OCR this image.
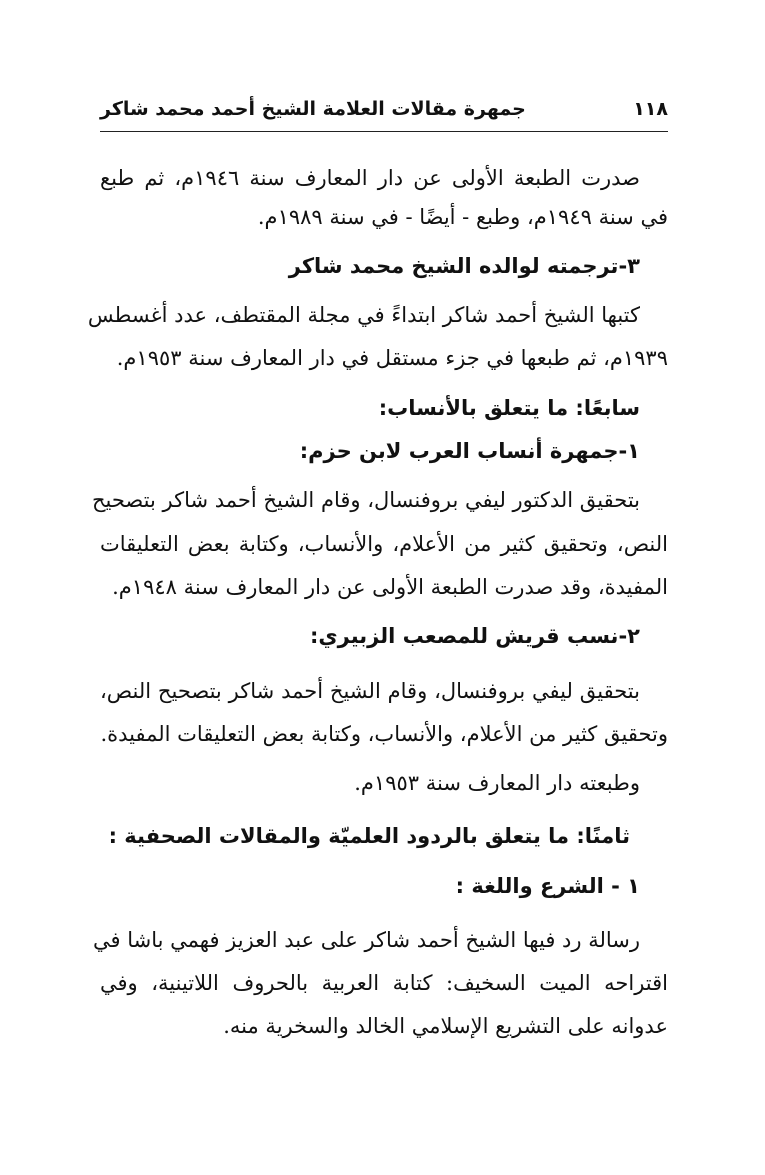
١١٨
جمهرة مقالات العلامة الشيخ أحمد محمد شاكر
صدرت الطبعة الأولى عن دار المعارف سنة ١٩٤٦م، ثم طبع
في سنة ١٩٤٩م، وطبع - أيضًا - في سنة ١٩٨٩م.
٣-ترجمته لوالده الشيخ محمد شاكر
كتبها الشيخ أحمد شاكر ابتداءً في مجلة المقتطف، عدد أغسطس
١٩٣٩م، ثم طبعها في جزء مستقل في دار المعارف سنة ١٩٥٣م.
سابعًا: ما يتعلق بالأنساب:
١-جمهرة أنساب العرب لابن حزم:
بتحقيق الدكتور ليفي بروفنسال، وقام الشيخ أحمد شاكر بتصحيح
النص، وتحقيق كثير من الأعلام، والأنساب، وكتابة بعض التعليقات
المفيدة، وقد صدرت الطبعة الأولى عن دار المعارف سنة ١٩٤٨م.
٢-نسب قريش للمصعب الزبيري:
بتحقيق ليفي بروفنسال، وقام الشيخ أحمد شاكر بتصحيح النص،
وتحقيق كثير من الأعلام، والأنساب، وكتابة بعض التعليقات المفيدة.
وطبعته دار المعارف سنة ١٩٥٣م.
ثامنًا: ما يتعلق بالردود العلميّة والمقالات الصحفية :
١ - الشرع واللغة :
رسالة رد فيها الشيخ أحمد شاكر على عبد العزيز فهمي باشا في
اقتراحه الميت السخيف: كتابة العربية بالحروف اللاتينية، وفي
عدوانه على التشريع الإسلامي الخالد والسخرية منه.
